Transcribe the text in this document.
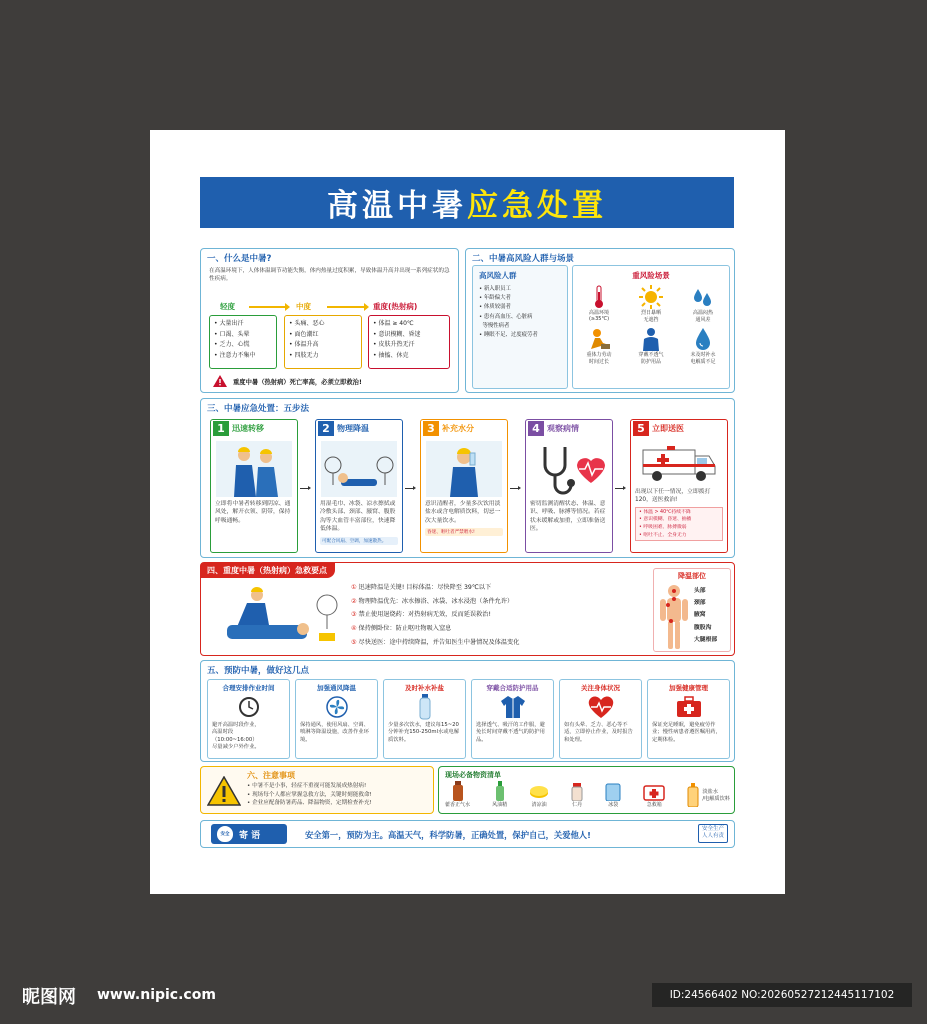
高温中暑 应急处置
一、什么是中暑?
在高温环境下，人体体温调节功能失衡，体内热量过度积累，导致体温升高并出现一系列症状的急性疾病。
轻度	中度	重度(热射病)
• 大量出汗
• 口渴、头晕
• 乏力、心慌
• 注意力不集中
• 头痛、恶心
• 面色潮红
• 体温升高
• 四肢无力
• 体温 ≥ 40℃
• 意识模糊、昏迷
• 皮肤升热无汗
• 抽搐、休克
重度中暑（热射病）死亡率高，必须立即救治!
二、中暑高风险人群与场景
高风险人群
• 新入职员工
• 年龄偏大者
• 体质较弱者
• 患有高血压、心脏病
等慢性病者
• 睡眠不足、过度疲劳者
重风险场景
高温环境
(≥35℃)
烈日暴晒
无遮挡
高温闷热
通风差
重体力劳动
时间过长
穿戴不透气
防护用品
未及时补水
电解质不足
三、中暑应急处置：五步法
1 迅速转移
立即将中暑者转移到阴凉、通风处，解开衣领、阴带，保持呼吸通畅。
2 物理降温
用湿毛巾、冰袋、凉水擦拭或冷敷头部、颈部、腋窝、腹股沟等大血管丰富部位，快速降低体温。
可配合风扇、空调，加速散热。
3 补充水分
意识清醒者，少量多次饮用淡盐水或含电解质饮料，切忌一次大量饮水。
昏迷、呕吐者严禁喂水!
4 观察病情
密切监测清醒状态、体温、意识、呼吸、脉搏等情况。若症状未缓解或加重，立即准备送医。
5 立即送医
出现以下任一情况，立即拨打120，送医救治!
• 体温 > 40℃持续不降
• 意识模糊、昏迷、抽搐
• 呼吸困难、脉搏微弱
• 呕吐不止、全身无力
四、重度中暑（热射病）急救要点
① 迅速降温是关键! 目标体温：尽快降至 39℃以下
② 物理降温优先：冰水擦浴、冰袋、冰水浸泡（条件允许）
③ 禁止使用退烧药：对热射病无效，反而延误救治!
④ 保持侧卧位：防止呕吐物吸入窒息
⑤ 尽快送医：途中持续降温，并告知医生中暑情况及体温变化
降温部位
头部
颈部
腋窝
腹股沟
大腿根部
五、预防中暑，做好这几点
合理安排作业时间
避开高温时段作业，
高温时段
（10:00~16:00）
尽量减少户外作业。
加强通风降温
保持通风，使用风扇、空调、喷淋等降温设施，改善作业环境。
及时补水补盐
少量多次饮水，建议每15~20分钟补充150-250ml水或电解质饮料。
穿戴合适防护用品
选择透气、吸汗的工作服，避免长时间穿戴不透气的防护用品。
关注身体状况
如有头晕、乏力、恶心等不适，立即停止作业，及时报告和处理。
加强健康管理
保证充足睡眠，避免疲劳作业；慢性病患者遵医嘱用药，定期体检。
六、注意事项
• 中暑不是小事，轻症不重视可能发展成热射病!
• 现场每个人都应掌握急救方法，关键时刻能救命!
• 企业应配备防暑药品、降温物资，定期检查补充!
现场必备物资清单
藿香正气水	风油精	清凉油	仁丹	冰袋	急救箱
淡盐水
/电解质饮料
安全	寄 语	安全第一，预防为主。高温天气，科学防暑，正确处置，保护自己，关爱他人!
安全生产
人人有责
昵图网 www.nipic.com	ID:24566402 NO:20260527212445117102
